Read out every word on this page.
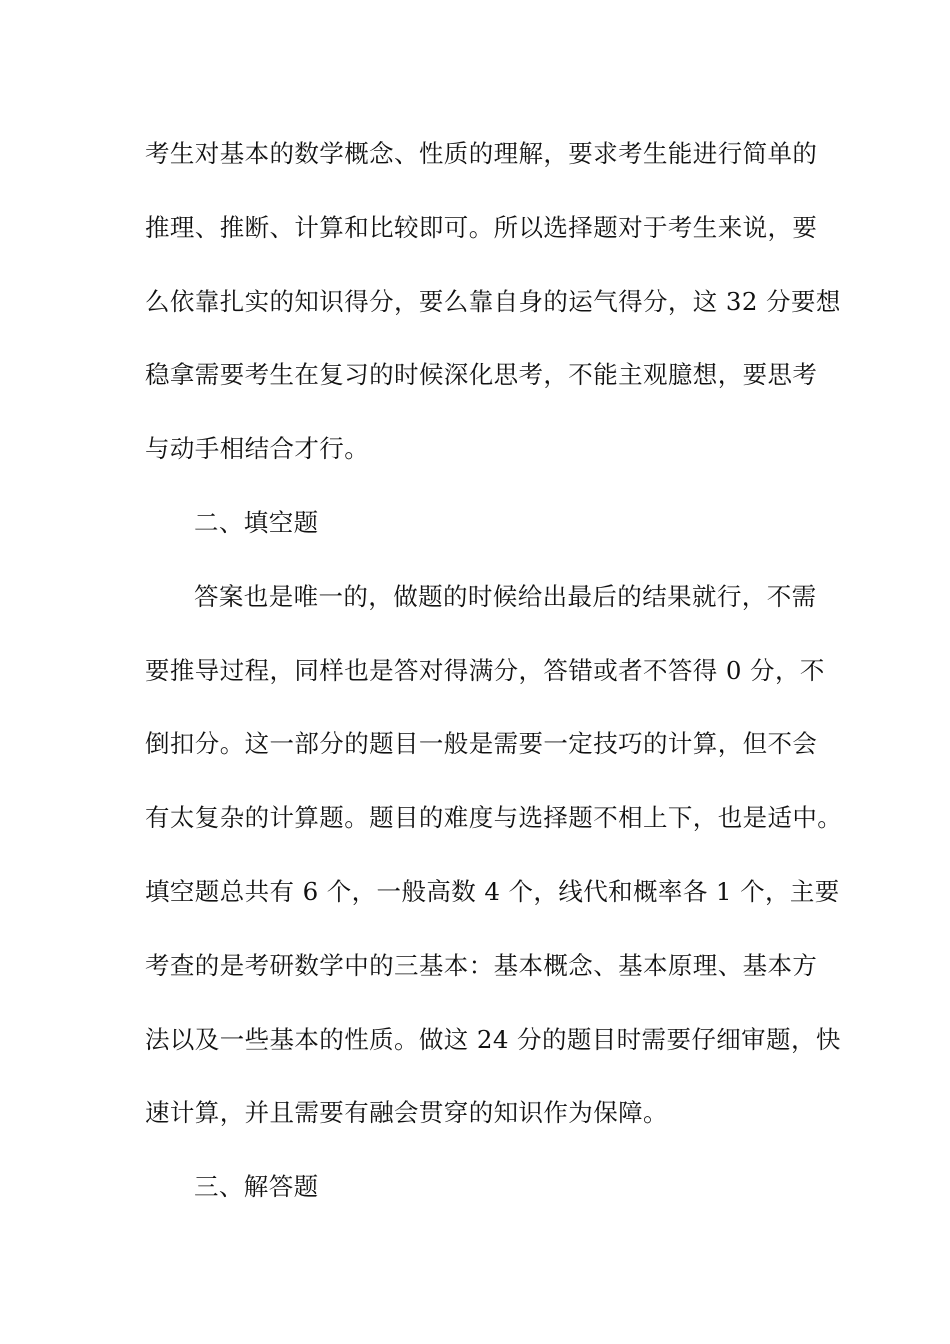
考生对基本的数学概念、性质的理解，要求考生能进行简单的
推理、推断、计算和比较即可。所以选择题对于考生来说，要
么依靠扎实的知识得分，要么靠自身的运气得分，这 32 分要想
稳拿需要考生在复习的时候深化思考，不能主观臆想，要思考
与动手相结合才行。
二、填空题
答案也是唯一的，做题的时候给出最后的结果就行，不需
要推导过程，同样也是答对得满分，答错或者不答得 0 分，不
倒扣分。这一部分的题目一般是需要一定技巧的计算，但不会
有太复杂的计算题。题目的难度与选择题不相上下，也是适中。
填空题总共有 6 个，一般高数 4 个，线代和概率各 1 个，主要
考查的是考研数学中的三基本：基本概念、基本原理、基本方
法以及一些基本的性质。做这 24 分的题目时需要仔细审题，快
速计算，并且需要有融会贯穿的知识作为保障。
三、解答题
